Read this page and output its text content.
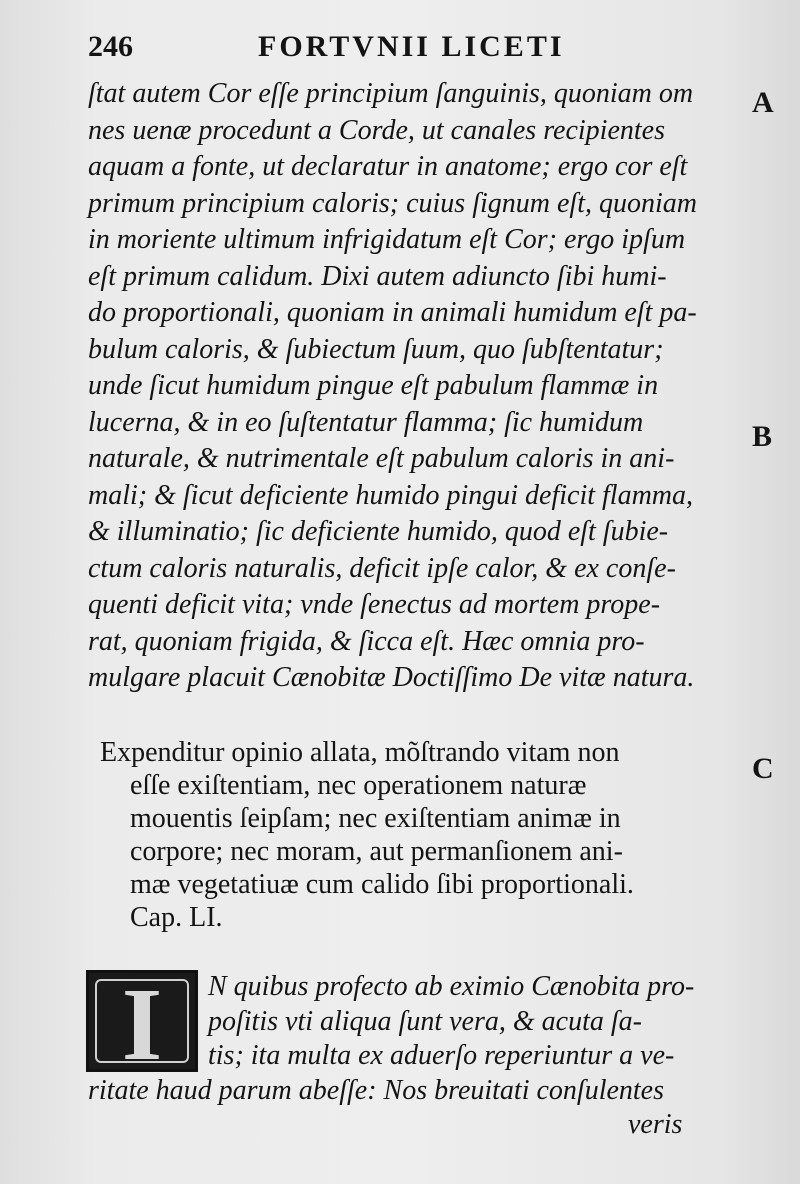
246	FORTVNII LICETI
ſtat autem Cor eſſe principium ſanguinis, quoniam om
nes uenæ procedunt a Corde, ut canales recipientes
aquam a fonte, ut declaratur in anatome; ergo cor eſt
primum principium caloris; cuius ſignum eſt, quoniam
in moriente ultimum infrigidatum eſt Cor; ergo ipſum
eſt primum calidum. Dixi autem adiuncto ſibi humi-
do proportionali, quoniam in animali humidum eſt pa-
bulum caloris, & ſubiectum ſuum, quo ſubſtentatur;
unde ſicut humidum pingue eſt pabulum flammæ in
lucerna, & in eo ſuſtentatur flamma; ſic humidum
naturale, & nutrimentale eſt pabulum caloris in ani-
mali; & ſicut deficiente humido pingui deficit flamma,
& illuminatio; ſic deficiente humido, quod eſt ſubie-
ctum caloris naturalis, deficit ipſe calor, & ex conſe-
quenti deficit vita; vnde ſenectus ad mortem prope-
rat, quoniam frigida, & ſicca eſt. Hæc omnia pro-
mulgare placuit Cænobitæ Doctiſſimo De vitæ natura.
A
B
C
Expenditur opinio allata, mõſtrando vitam non
eſſe exiſtentiam, nec operationem naturæ
mouentis ſeipſam; nec exiſtentiam animæ in
corpore; nec moram, aut permanſionem ani-
mæ vegetatiuæ cum calido ſibi proportionali.
Cap. LI.
I	N quibus profecto ab eximio Cænobita pro-
poſitis vti aliqua ſunt vera, & acuta ſa-
tis; ita multa ex aduerſo reperiuntur a ve-
ritate haud parum abeſſe: Nos breuitati conſulentes
veris
